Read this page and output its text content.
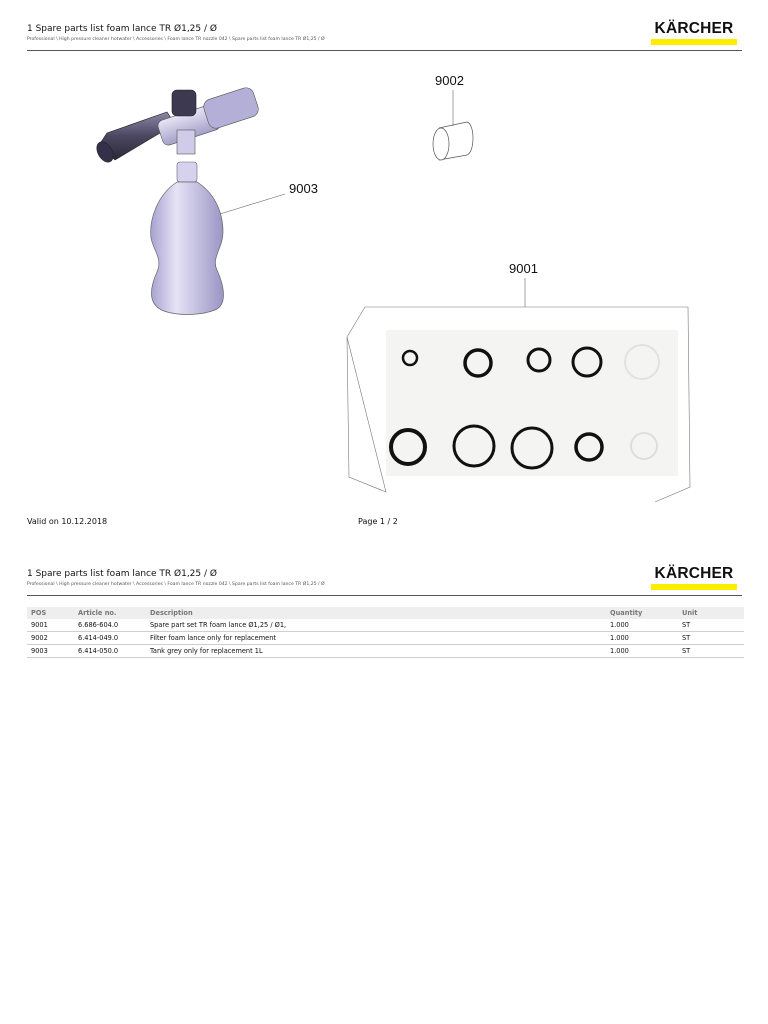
1 Spare parts list foam lance TR Ø1,25 / Ø
Professional \ High pressure cleaner hotwater \ Accessories \ Foam lance TR nozzle 042 \ Spare parts list foam lance TR Ø1,25 / Ø
KÄRCHER
9003
9002
9001
Valid on 10.12.2018	Page 1 / 2
1 Spare parts list foam lance TR Ø1,25 / Ø
Professional \ High pressure cleaner hotwater \ Accessories \ Foam lance TR nozzle 042 \ Spare parts list foam lance TR Ø1,25 / Ø
KÄRCHER
POS	Article no.	Description	Quantity	Unit
9001	6.686-604.0	Spare part set TR foam lance Ø1,25 / Ø1,	1.000	ST
9002	6.414-049.0	Filter foam lance only for replacement	1.000	ST
9003	6.414-050.0	Tank grey only for replacement 1L	1.000	ST
